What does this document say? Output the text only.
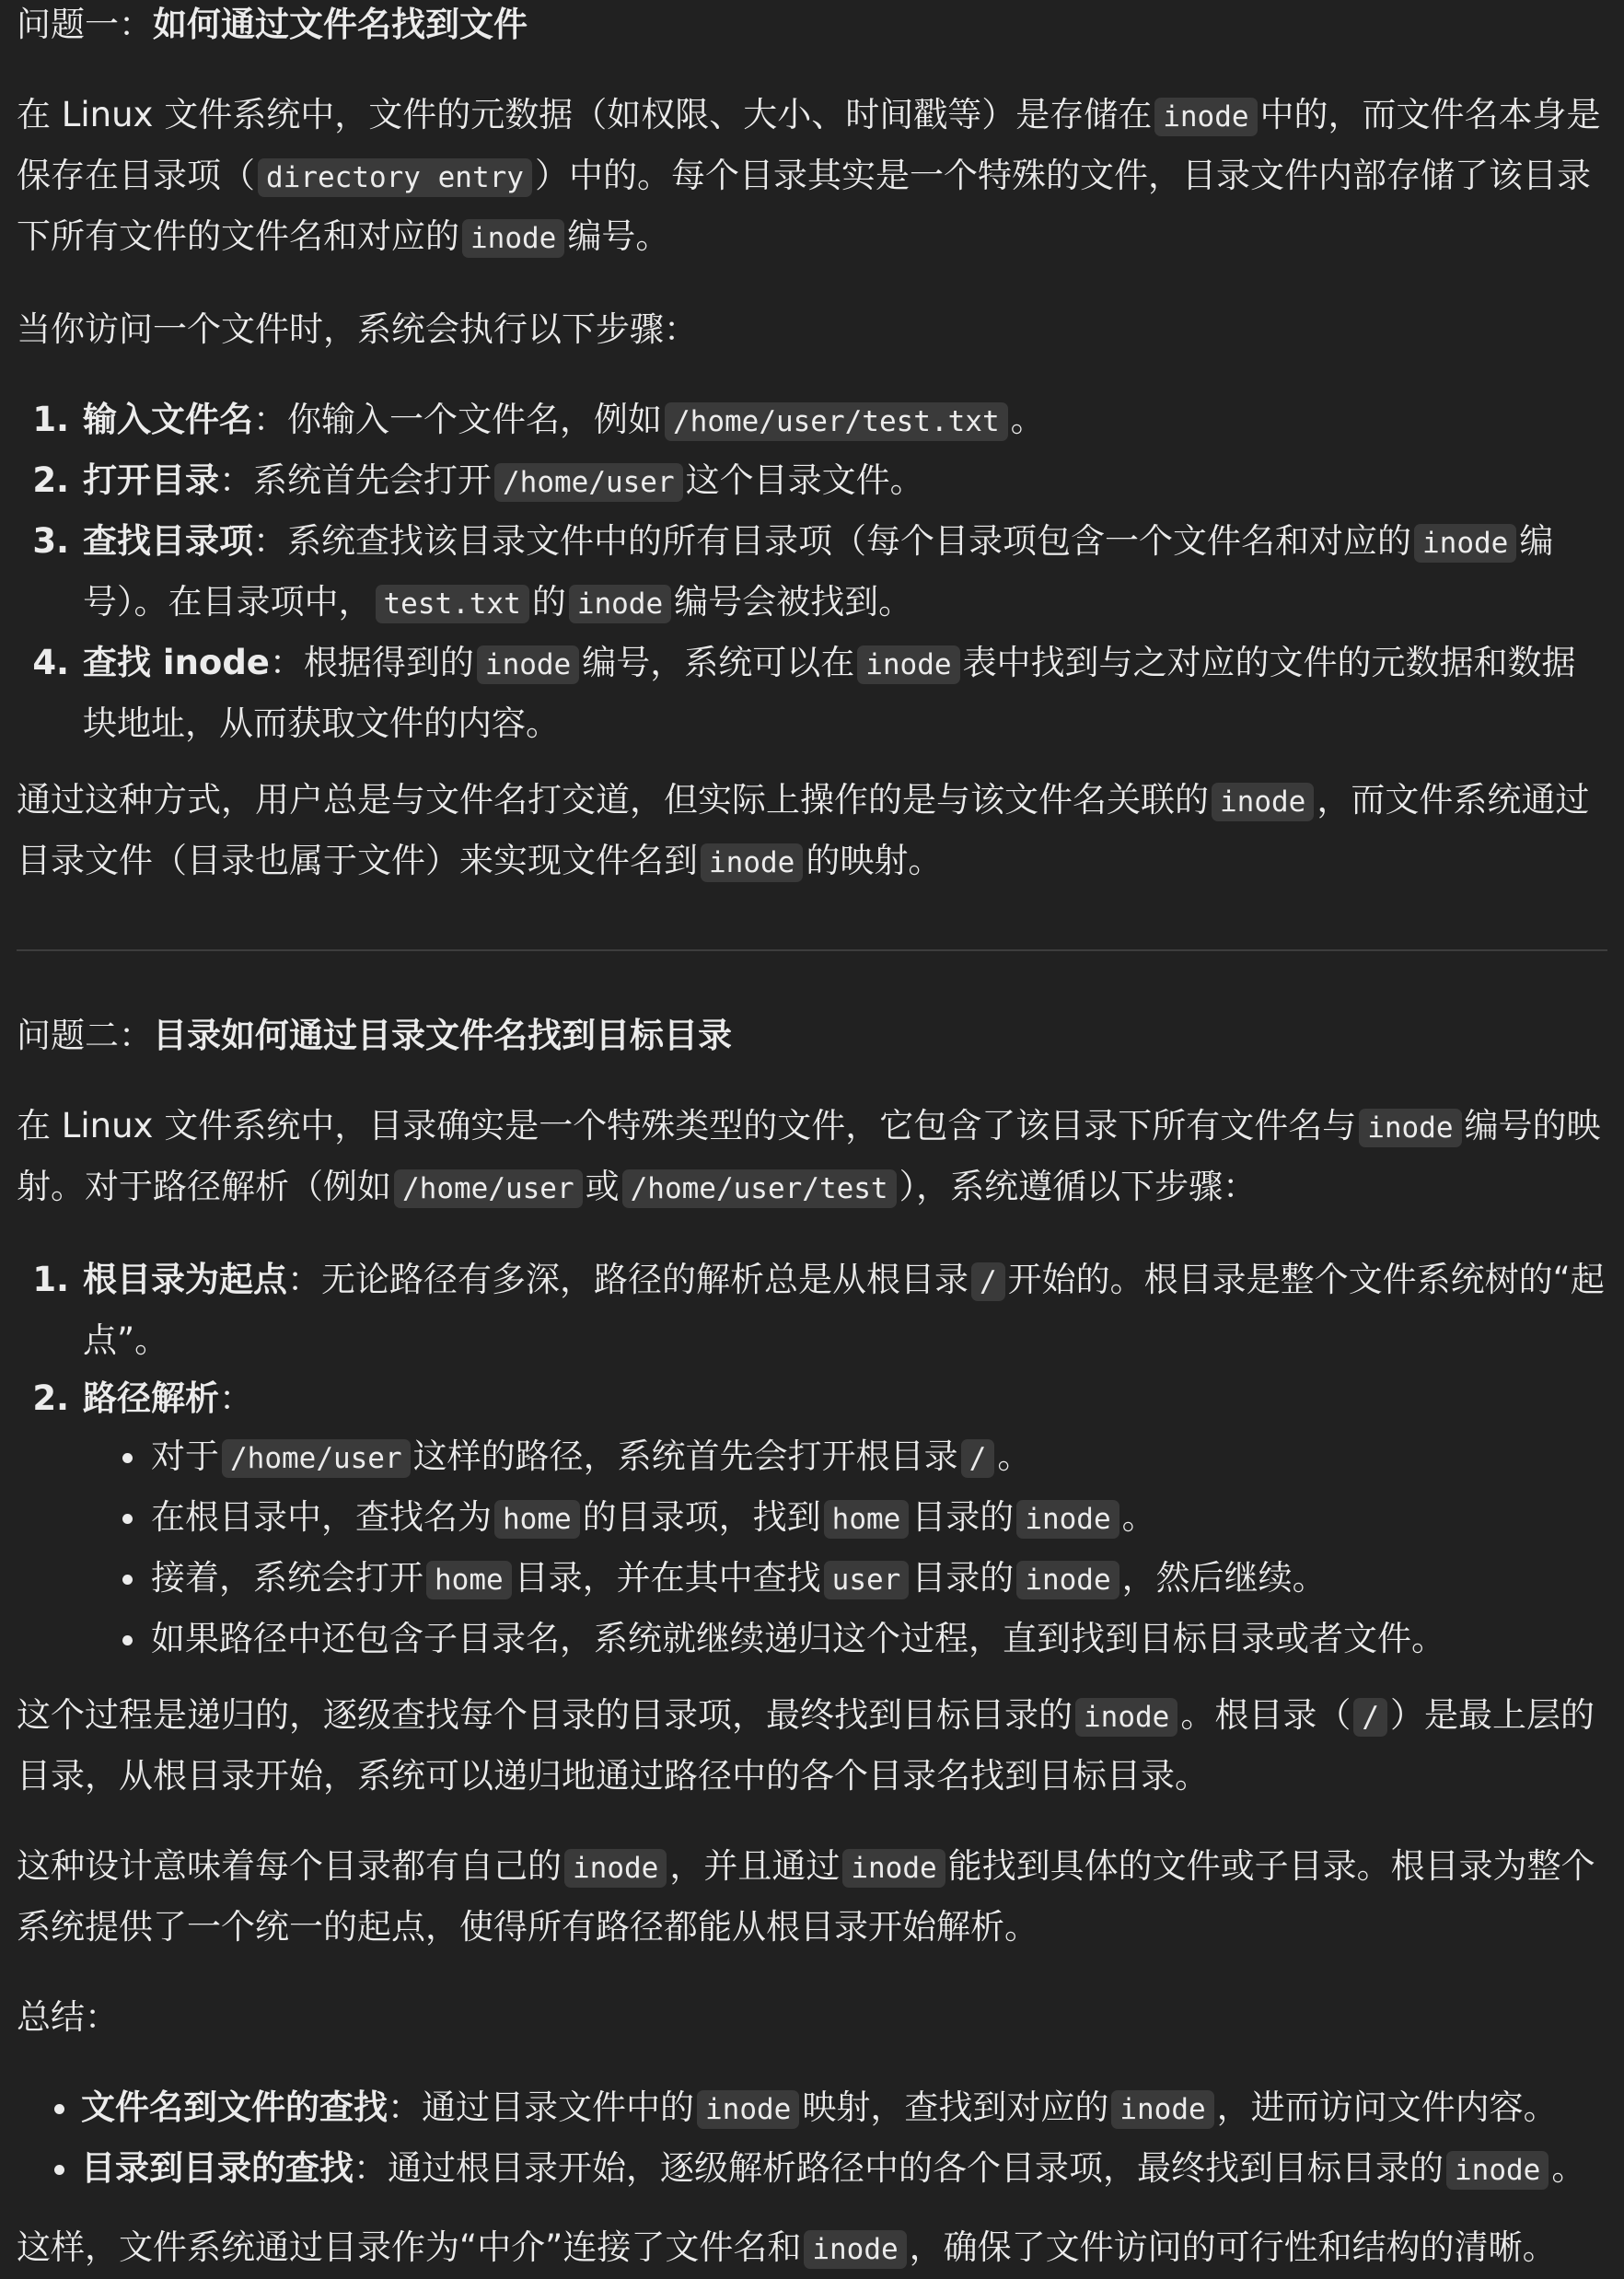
问题一：如何通过文件名找到文件

在 Linux 文件系统中，文件的元数据（如权限、大小、时间戳等）是存储在 inode 中的，而文件名本身是保存在目录项（ directory entry ）中的。每个目录其实是一个特殊的文件，目录文件内部存储了该目录下所有文件的文件名和对应的 inode 编号。

当你访问一个文件时，系统会执行以下步骤：

1. 输入文件名：你输入一个文件名，例如 /home/user/test.txt 。
2. 打开目录：系统首先会打开 /home/user 这个目录文件。
3. 查找目录项：系统查找该目录文件中的所有目录项（每个目录项包含一个文件名和对应的 inode 编号）。在目录项中， test.txt 的 inode 编号会被找到。
4. 查找 inode：根据得到的 inode 编号，系统可以在 inode 表中找到与之对应的文件的元数据和数据块地址，从而获取文件的内容。

通过这种方式，用户总是与文件名打交道，但实际上操作的是与该文件名关联的 inode ，而文件系统通过目录文件（目录也属于文件）来实现文件名到 inode 的映射。

问题二：目录如何通过目录文件名找到目标目录

在 Linux 文件系统中，目录确实是一个特殊类型的文件，它包含了该目录下所有文件名与 inode 编号的映射。对于路径解析（例如 /home/user 或 /home/user/test ），系统遵循以下步骤：

1. 根目录为起点：无论路径有多深，路径的解析总是从根目录 / 开始的。根目录是整个文件系统树的“起点”。
2. 路径解析：
• 对于 /home/user 这样的路径，系统首先会打开根目录 / 。
• 在根目录中，查找名为 home 的目录项，找到 home 目录的 inode 。
• 接着，系统会打开 home 目录，并在其中查找 user 目录的 inode ，然后继续。
• 如果路径中还包含子目录名，系统就继续递归这个过程，直到找到目标目录或者文件。

这个过程是递归的，逐级查找每个目录的目录项，最终找到目标目录的 inode 。根目录（ / ）是最上层的目录，从根目录开始，系统可以递归地通过路径中的各个目录名找到目标目录。

这种设计意味着每个目录都有自己的 inode ，并且通过 inode 能找到具体的文件或子目录。根目录为整个系统提供了一个统一的起点，使得所有路径都能从根目录开始解析。

总结：

• 文件名到文件的查找：通过目录文件中的 inode 映射，查找到对应的 inode ，进而访问文件内容。
• 目录到目录的查找：通过根目录开始，逐级解析路径中的各个目录项，最终找到目标目录的 inode 。

这样，文件系统通过目录作为“中介”连接了文件名和 inode ，确保了文件访问的可行性和结构的清晰。
